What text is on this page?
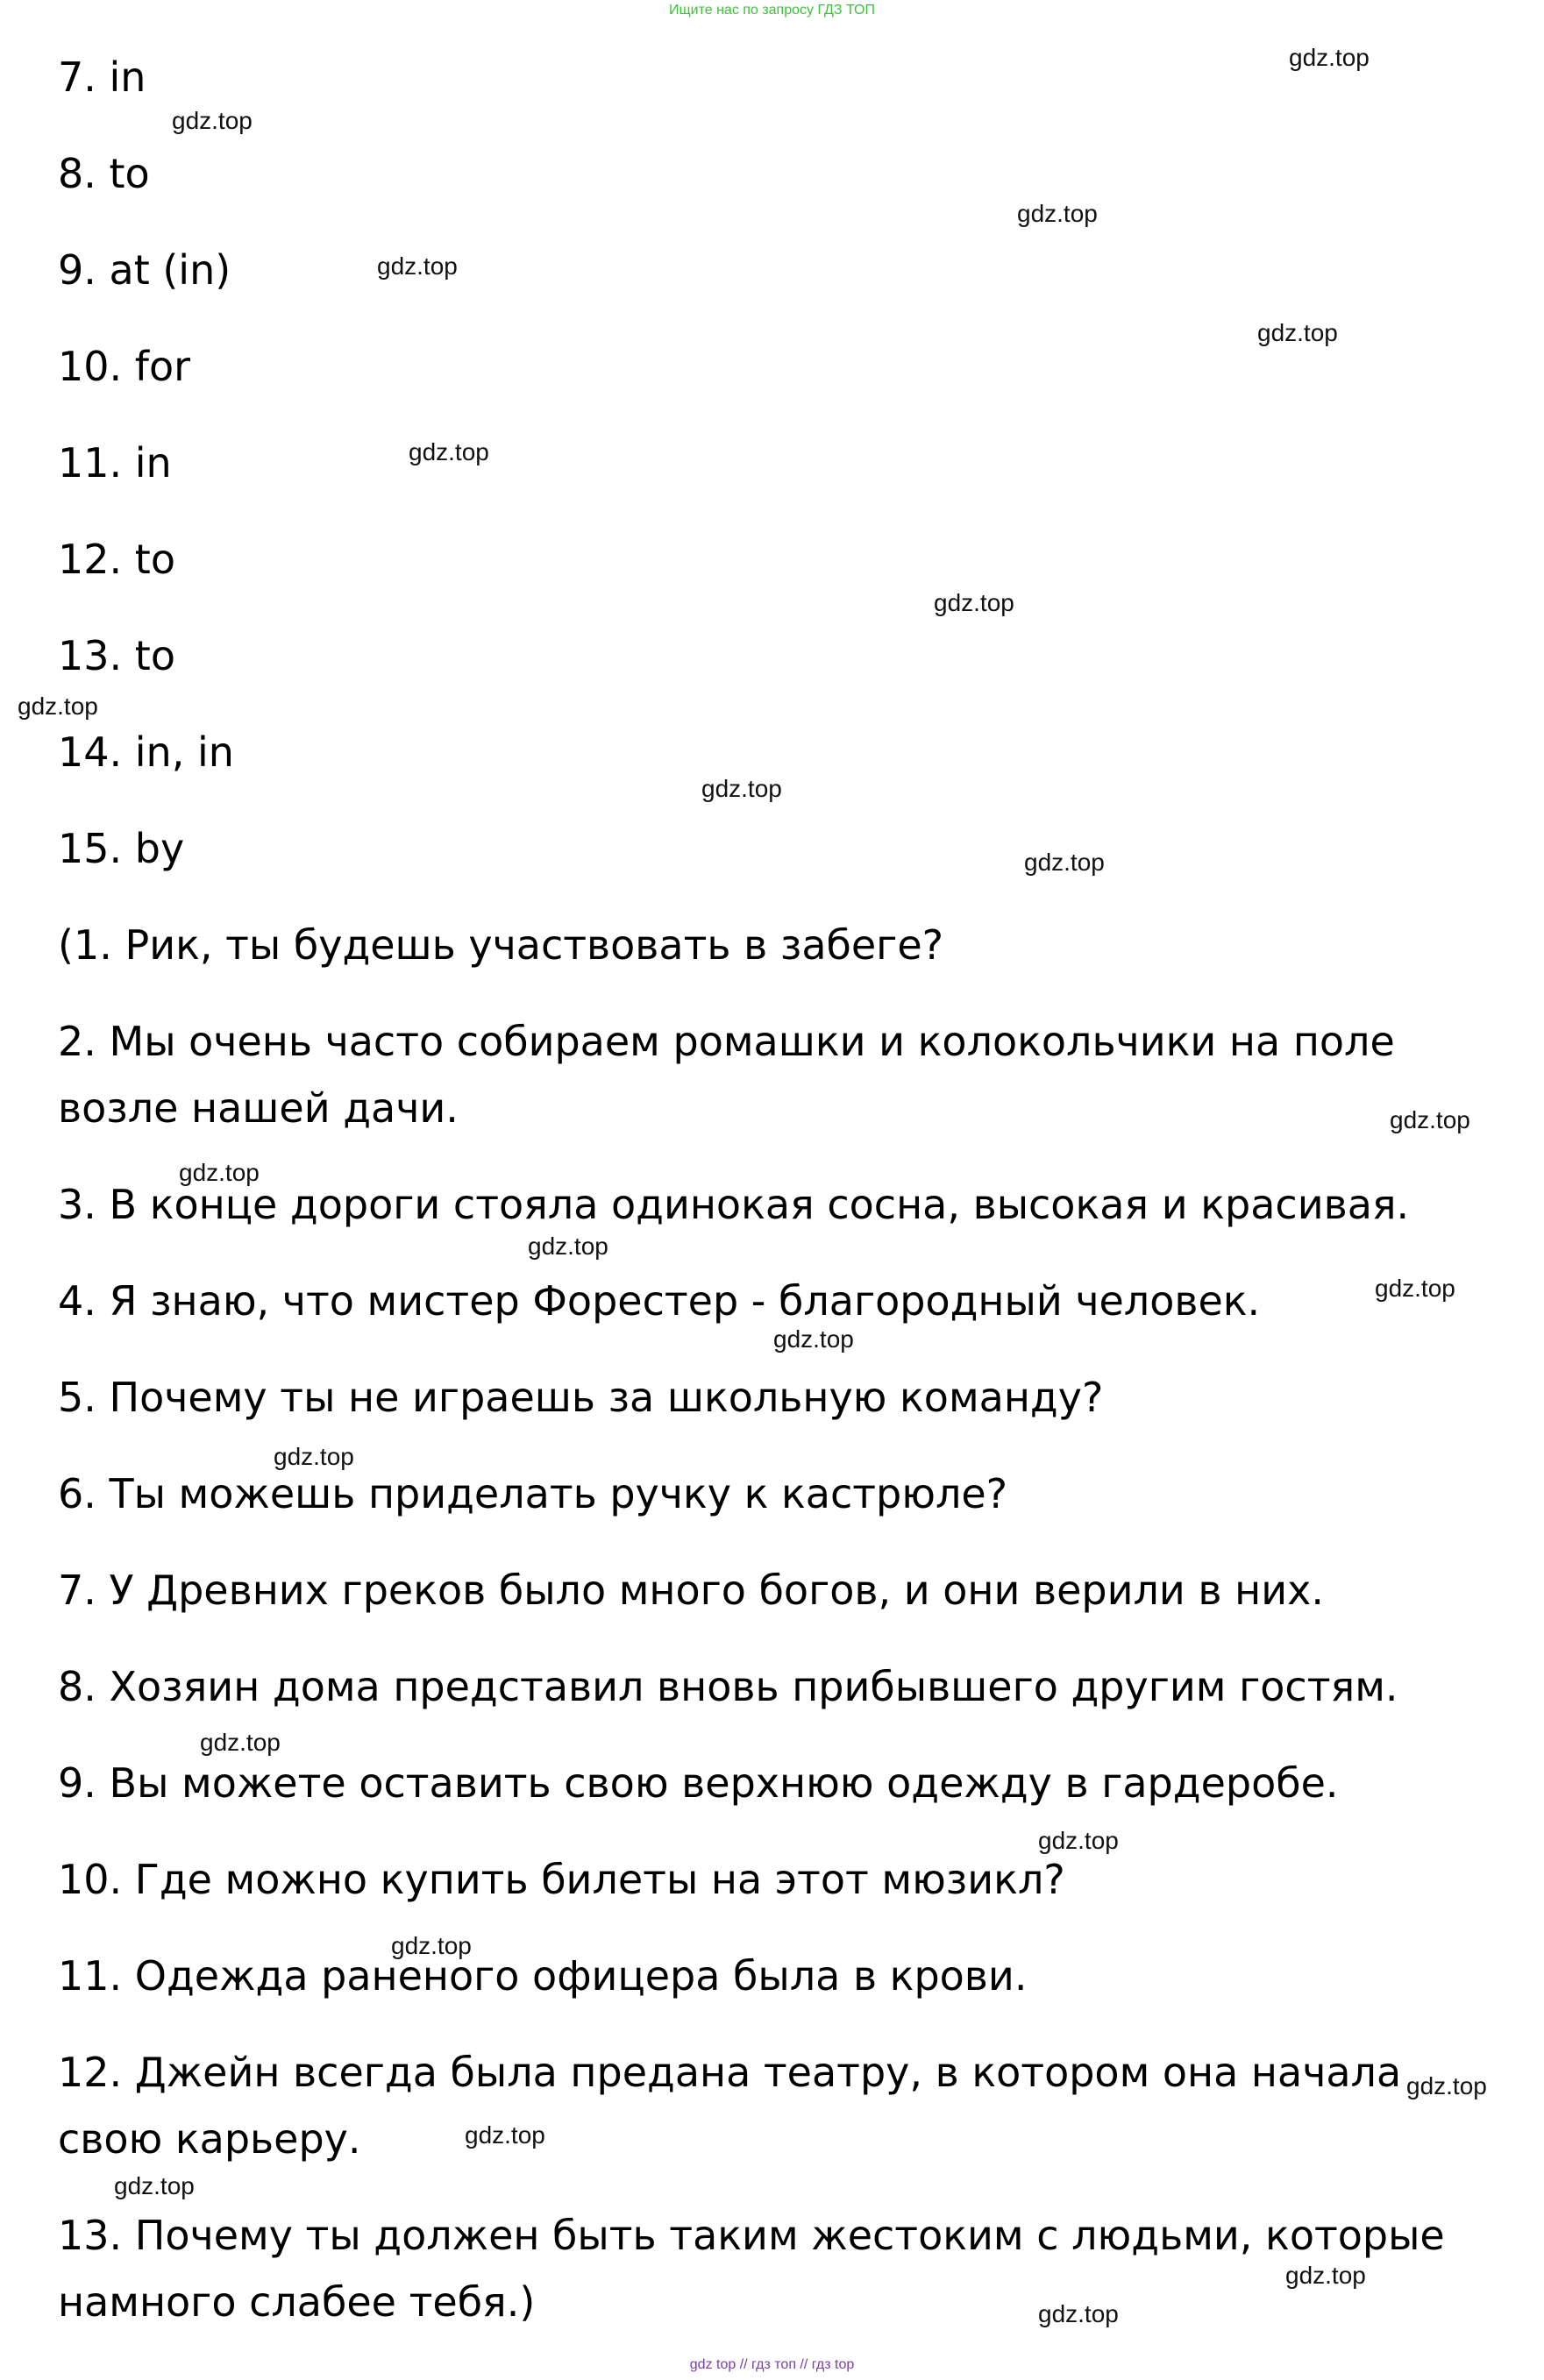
Ищите нас по запросу ГДЗ ТОП
7. in
8. to
9. at (in)
10. for
11. in
12. to
13. to
14. in, in
15. by
(1. Рик, ты будешь участвовать в забеге?
2. Мы очень часто собираем ромашки и колокольчики на поле
возле нашей дачи.
3. В конце дороги стояла одинокая сосна, высокая и красивая.
4. Я знаю, что мистер Форестер - благородный человек.
5. Почему ты не играешь за школьную команду?
6. Ты можешь приделать ручку к кастрюле?
7. У Древних греков было много богов, и они верили в них.
8. Хозяин дома представил вновь прибывшего другим гостям.
9. Вы можете оставить свою верхнюю одежду в гардеробе.
10. Где можно купить билеты на этот мюзикл?
11. Одежда раненого офицера была в крови.
12. Джейн всегда была предана театру, в котором она начала
свою карьеру.
13. Почему ты должен быть таким жестоким с людьми, которые
намного слабее тебя.)
gdz.top
gdz.top
gdz.top
gdz.top
gdz.top
gdz.top
gdz.top
gdz.top
gdz.top
gdz.top
gdz.top
gdz.top
gdz.top
gdz.top
gdz.top
gdz.top
gdz.top
gdz.top
gdz.top
gdz.top
gdz.top
gdz.top
gdz.top
gdz.top
gdz top // гдз топ // гдз top
